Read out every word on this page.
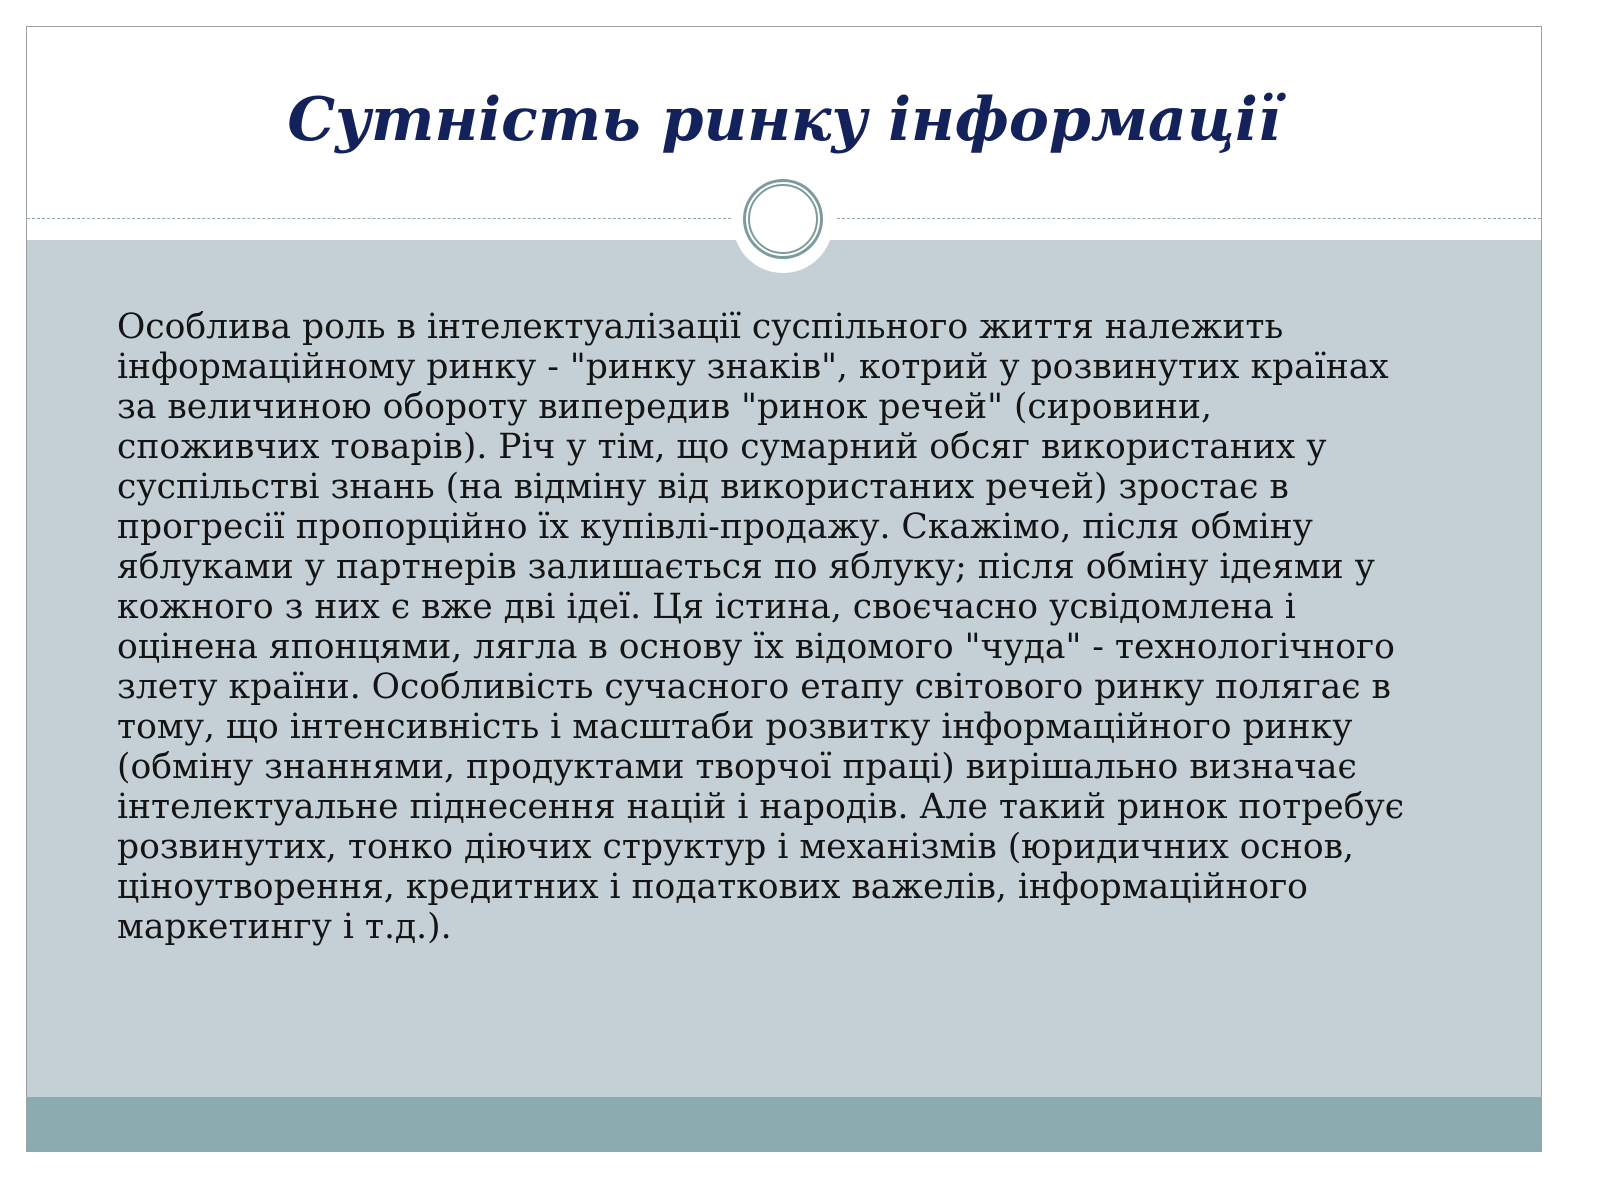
Сутність ринку інформації

Особлива роль в інтелектуалізації суспільного життя належить
інформаційному ринку - "ринку знаків", котрий у розвинутих країнах
за величиною обороту випередив "ринок речей" (сировини,
споживчих товарів). Річ у тім, що сумарний обсяг використаних у
суспільстві знань (на відміну від використаних речей) зростає в
прогресії пропорційно їх купівлі-продажу. Скажімо, після обміну
яблуками у партнерів залишається по яблуку; після обміну ідеями у
кожного з них є вже дві ідеї. Ця істина, своєчасно усвідомлена і
оцінена японцями, лягла в основу їх відомого "чуда" - технологічного
злету країни. Особливість сучасного етапу світового ринку полягає в
тому, що інтенсивність і масштаби розвитку інформаційного ринку
(обміну знаннями, продуктами творчої праці) вирішально визначає
інтелектуальне піднесення націй і народів. Але такий ринок потребує
розвинутих, тонко діючих структур і механізмів (юридичних основ,
ціноутворення, кредитних і податкових важелів, інформаційного
маркетингу і т.д.).
